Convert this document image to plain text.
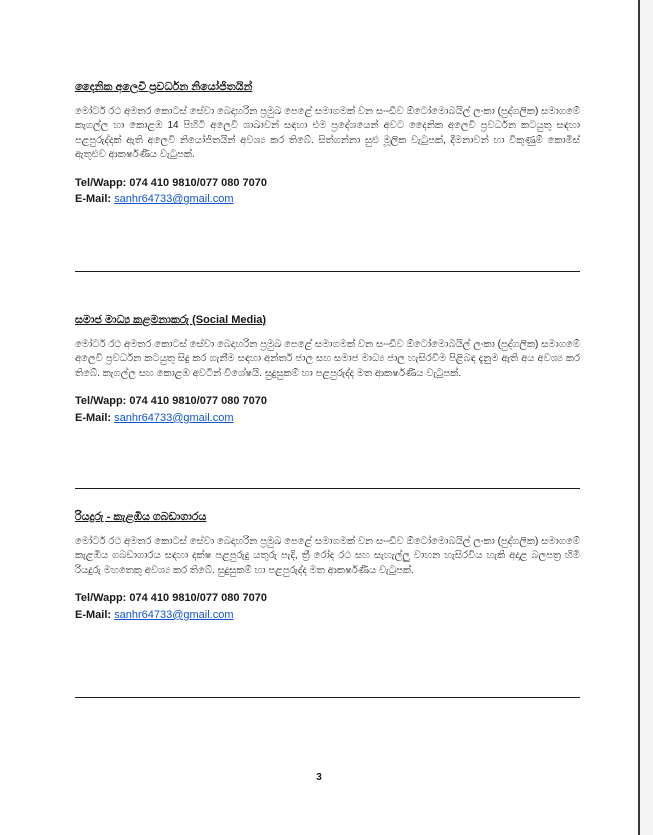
දෛනික අලෙවි ප්‍රවර්ධන නියෝජිතයින්

මෝටර් රථ අමතර කොටස් සේවා බෙදාහරින ප්‍රමුඛ පෙළේ සමාගමක් වන සං-ඩීව ඕටෝමොබයිල් ලංකා (පුද්ගලික) සමාගමේ කැගල්ල හා කොළඹ 14 පිහිටි අලෙවි ශාඛාවන් සඳහා එම ප්‍රදේශයෙන් අවට දෛනික අලෙවි ප්‍රවර්ධන කටයුතු සඳහා පළපුරුද්දක් ඇති අලෙවි නියෝජිතයින් අවශ්‍ය කර තිබේ. සිත්ගන්නා සුළු මූලික වැටුපක්, දීමනාවන් හා විකුණුම් කොමිස් ඇතුළුව ආකර්ෂණීය වැටුපක්.

Tel/Wapp: 074 410 9810/077 080 7070
E-Mail: sanhr64733@gmail.com

සමාජ මාධ්‍ය කළමනාකරු (Social Media)

මෝටර් රථ අමතර කොටස් සේවා බෙදාහරින ප්‍රමුඛ පෙළේ සමාගමක් වන සං-ඩීව ඕටෝමොබයිල් ලංකා (පුද්ගලික) සමාගමේ අලෙවි ප්‍රවර්ධන කටයුතු සිදු කර ගැනීම සඳහා අන්තර් ජාල සහ සමාජ මාධ්‍ය ජාල හැසිරවීම පිළිබඳ දැනුම ඇති අය අවශ්‍ය කර තිබේ. කැගල්ල සහ කොළඹ අවටින් විශේෂයි. සුදුසුකම් හා පළපුරුද්ද මත ආකර්ෂණීය වැටුපක්.

Tel/Wapp: 074 410 9810/077 080 7070
E-Mail: sanhr64733@gmail.com

රියදුරු - කැළඹිය ගබඩාගාරය

මෝටර් රථ අමතර කොටස් සේවා බෙදාහරින ප්‍රමුඛ පෙළේ සමාගමක් වන සං-ඩීව ඕටෝමොබයිල් ලංකා (පුද්ගලික) සමාගමේ කැළඹිය ගබඩාගාරය සඳහා දක්ෂ පළපුරුදු යතුරු පැදි, ත්‍රී රෝද රථ සහ සැහැල්ලු වාහන හැසිරවිය හැකි අදාළ බලපත්‍ර හිමි රියදුරු මහතෙකු අවශ්‍ය කර තිබේ. සුදුසුකම් හා පළපුරුද්ද මත ආකර්ෂණීය වැටුපක්.

Tel/Wapp: 074 410 9810/077 080 7070
E-Mail: sanhr64733@gmail.com
3
